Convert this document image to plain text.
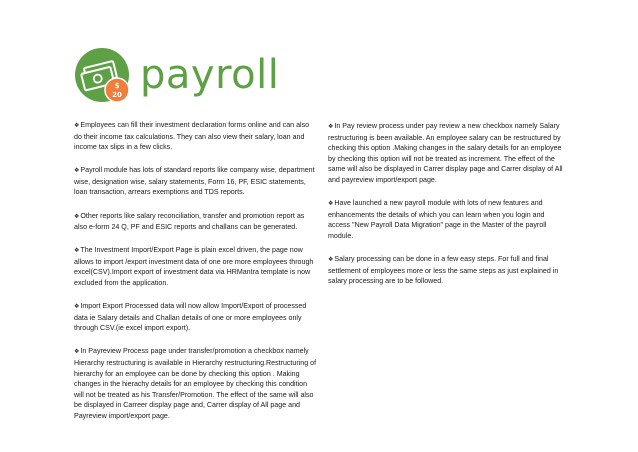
$
20 payroll

❖Employees can fill their investment declaration forms online and can also do their income tax calculations. They can also view their salary, loan and income tax slips in a few clicks.

❖Payroll module has lots of standard reports like company wise, department wise, designation wise, salary statements, Form 16, PF, ESIC statements, loan transaction, arrears exemptions and TDS reports.

❖Other reports like salary reconciliation, transfer and promotion report as also e-form 24 Q, PF and ESIC reports and challans can be generated.

❖The Investment Import/Export Page is plain excel driven, the page now allows to import /export investment data of one ore more employees through excel(CSV).Import export of investment data via HRMantra template is now excluded from the application.

❖Import Export Processed data will now allow Import/Export of processed data ie Salary details and Challan details of one or more employees only through CSV.(ie excel import export).

❖In Payreview Process page under transfer/promotion a checkbox namely Hierarchy restructuring is available in Hierarchy restructuring.Restructuring of hierarchy for an employee can be done by checking this option . Making changes in the hierachy details for an employee by checking this condition will not be treated as his Transfer/Promotion. The effect of the same will also be displayed in Carreer display page and, Carrer display of All page and Payreview import/export page.

❖In Pay review process under pay review a new checkbox namely Salary restructuring is been available. An employee salary can be restructured by checking this option .Making changes in the salary details for an employee by checking this option will not be treated as increment. The effect of the same will also be displayed in Carrer display page and Carrer display of All and payreview import/export page.

❖Have launched a new payroll module with lots of new features and enhancements the details of which you can learn when you login and access "New Payroll Data Migration" page in the Master of the payroll module.

❖Salary processing can be done in a few easy steps. For full and final settlement of employees more or less the same steps as just explained in salary processing are to be followed.
